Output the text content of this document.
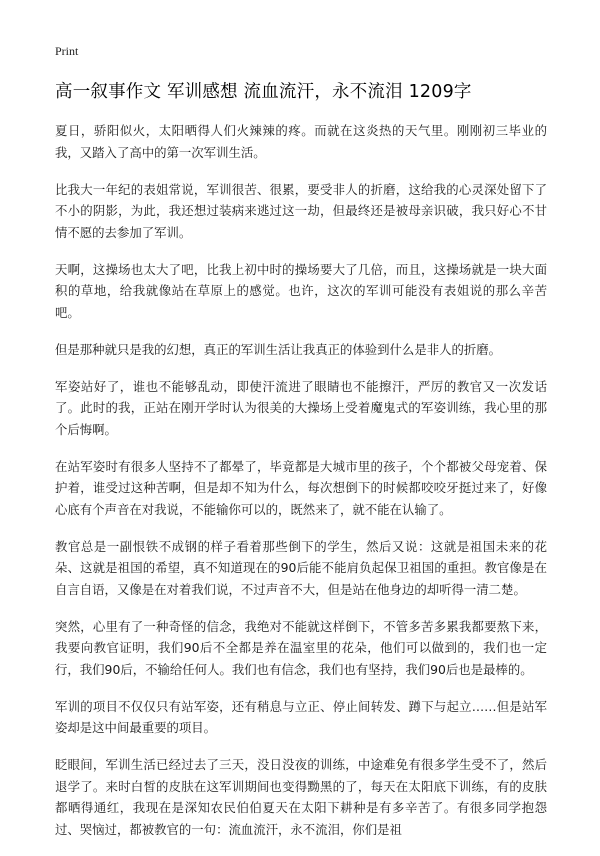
Print
高一叙事作文 军训感想 流血流汗，永不流泪 1209字

夏日，骄阳似火，太阳晒得人们火辣辣的疼。而就在这炎热的天气里。刚刚初三毕业的我，又踏入了高中的第一次军训生活。

比我大一年纪的表姐常说，军训很苦、很累，要受非人的折磨，这给我的心灵深处留下了不小的阴影，为此，我还想过装病来逃过这一劫，但最终还是被母亲识破，我只好心不甘情不愿的去参加了军训。

天啊，这操场也太大了吧，比我上初中时的操场要大了几倍，而且，这操场就是一块大面积的草地，给我就像站在草原上的感觉。也许，这次的军训可能没有表姐说的那么辛苦吧。

但是那种就只是我的幻想，真正的军训生活让我真正的体验到什么是非人的折磨。

军姿站好了，谁也不能够乱动，即使汗流进了眼睛也不能擦汗，严厉的教官又一次发话了。此时的我，正站在刚开学时认为很美的大操场上受着魔鬼式的军姿训练，我心里的那个后悔啊。

在站军姿时有很多人坚持不了都晕了，毕竟都是大城市里的孩子，个个都被父母宠着、保护着，谁受过这种苦啊，但是却不知为什么，每次想倒下的时候都咬咬牙挺过来了，好像心底有个声音在对我说，不能输你可以的，既然来了，就不能在认输了。

教官总是一副恨铁不成钢的样子看着那些倒下的学生，然后又说：这就是祖国未来的花朵、这就是祖国的希望，真不知道现在的90后能不能肩负起保卫祖国的重担。教官像是在自言自语，又像是在对着我们说，不过声音不大，但是站在他身边的却听得一清二楚。

突然，心里有了一种奇怪的信念，我绝对不能就这样倒下，不管多苦多累我都要熬下来，我要向教官证明，我们90后不全都是养在温室里的花朵，他们可以做到的，我们也一定行，我们90后，不输给任何人。我们也有信念，我们也有坚持，我们90后也是最棒的。

军训的项目不仅仅只有站军姿，还有稍息与立正、停止间转发、蹲下与起立……但是站军姿却是这中间最重要的项目。

眨眼间，军训生活已经过去了三天，没日没夜的训练，中途难免有很多学生受不了，然后退学了。来时白皙的皮肤在这军训期间也变得黝黑的了，每天在太阳底下训练，有的皮肤都晒得通红，我现在是深知农民伯伯夏天在太阳下耕种是有多辛苦了。有很多同学抱怨过、哭恼过，都被教官的一句：流血流汗，永不流泪，你们是祖
